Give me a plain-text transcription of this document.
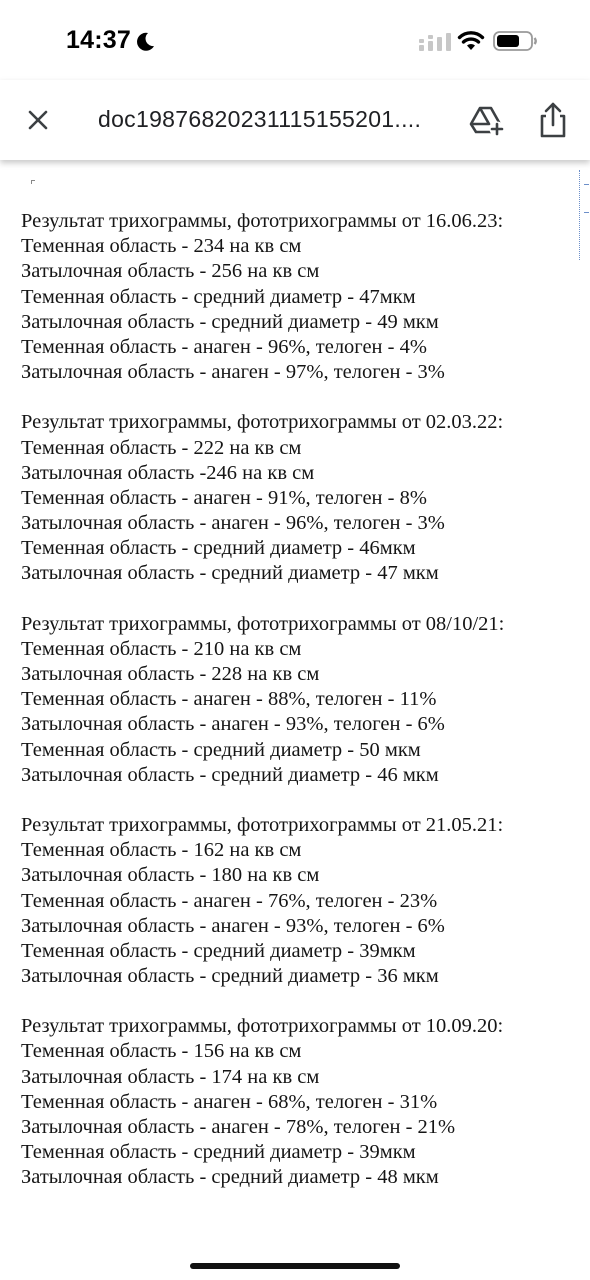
14:37
doc19876820231115155201....
Результат трихограммы, фототрихограммы от 16.06.23:
Теменная область - 234 на кв см
Затылочная область - 256 на кв см
Теменная область - средний диаметр - 47мкм
Затылочная область - средний диаметр - 49 мкм
Теменная область - анаген - 96%, телоген - 4%
Затылочная область - анаген - 97%, телоген - 3%
Результат трихограммы, фототрихограммы от 02.03.22:
Теменная область - 222 на кв см
Затылочная область -246 на кв см
Теменная область - анаген - 91%, телоген - 8%
Затылочная область - анаген - 96%, телоген - 3%
Теменная область - средний диаметр - 46мкм
Затылочная область - средний диаметр - 47 мкм
Результат трихограммы, фототрихограммы от 08/10/21:
Теменная область - 210 на кв см
Затылочная область - 228 на кв см
Теменная область - анаген - 88%, телоген - 11%
Затылочная область - анаген - 93%, телоген - 6%
Теменная область - средний диаметр - 50 мкм
Затылочная область - средний диаметр - 46 мкм
Результат трихограммы, фототрихограммы от 21.05.21:
Теменная область - 162 на кв см
Затылочная область - 180 на кв см
Теменная область - анаген - 76%, телоген - 23%
Затылочная область - анаген - 93%, телоген - 6%
Теменная область - средний диаметр - 39мкм
Затылочная область - средний диаметр - 36 мкм
Результат трихограммы, фототрихограммы от 10.09.20:
Теменная область - 156 на кв см
Затылочная область - 174 на кв см
Теменная область - анаген - 68%, телоген - 31%
Затылочная область - анаген - 78%, телоген - 21%
Теменная область - средний диаметр - 39мкм
Затылочная область - средний диаметр - 48 мкм
